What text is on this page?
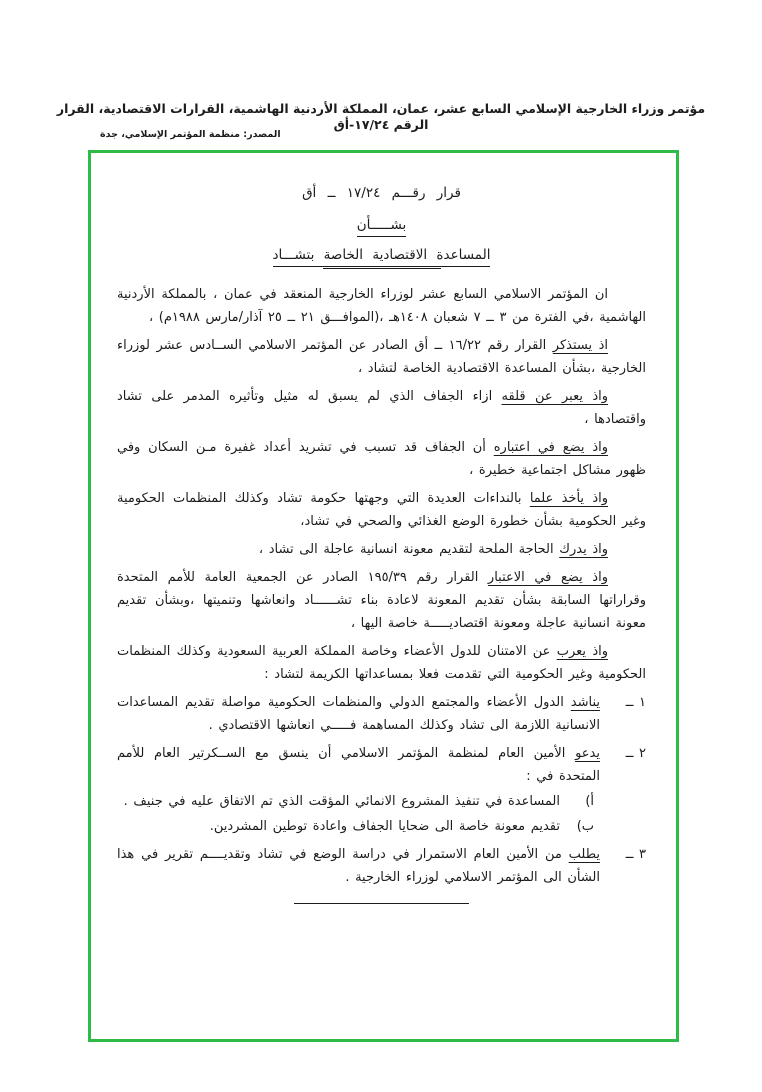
مؤتمر وزراء الخارجية الإسلامي السابع عشر، عمان، المملكة الأردنية الهاشمية، القرارات الاقتصادية، القرار الرقم ١٧/٢٤-أق
المصدر: منظمة المؤتمر الإسلامي، جدة
قرار رقـــم ١٧/٢٤ ــ أق
بشـــــأن
المساعدة الاقتصادية الخاصة بتشـــاد

ان المؤتمر الاسلامي السابع عشر لوزراء الخارجية المنعقد في عمان ، بالمملكة الأردنية الهاشمية ،في الفترة من ٣ ــ ٧ شعبان ١٤٠٨هـ ،(الموافـــق ٢١ ــ ٢٥ آذار/مارس ١٩٨٨م) ،

اذ يستذكر القرار رقم ١٦/٢٢ ــ أق الصادر عن المؤتمر الاسلامي الســادس عشر لوزراء الخارجية ،بشأن المساعدة الاقتصادية الخاصة لتشاد ،

واذ يعبر عن قلقه ازاء الجفاف الذي لم يسبق له مثيل وتأثيره المدمر على تشاد واقتصادها ،

واذ يضع في اعتباره أن الجفاف قد تسبب في تشريد أعداد غفيرة مـن السكان وفي ظهور مشاكل اجتماعية خطيرة ،

واذ يأخذ علما بالنداءات العديدة التي وجهتها حكومة تشاد وكذلك المنظمات الحكومية وغير الحكومية بشأن خطورة الوضع الغذائي والصحي في تشاد،

واذ يدرك الحاجة الملحة لتقديم معونة انسانية عاجلة الى تشاد ،

واذ يضع في الاعتبار القرار رقم ١٩٥/٣٩ الصادر عن الجمعية العامة للأمم المتحدة وقراراتها السابقة بشأن تقديم المعونة لاعادة بناء تشــــــاد وانعاشها وتنميتها ،وبشأن تقديم معونة انسانية عاجلة ومعونة اقتصاديـــــة خاصة اليها ،

واذ يعرب عن الامتنان للدول الأعضاء وخاصة المملكة العربية السعودية وكذلك المنظمات الحكومية وغير الحكومية التي تقدمت فعلا بمساعداتها الكريمة لتشاد :

١ ــ
يناشد الدول الأعضاء والمجتمع الدولي والمنظمات الحكومية مواصلة تقديم المساعدات الانسانية اللازمة الى تشاد وكذلك المساهمة فـــــي انعاشها الاقتصادي .
٢ ــ
يدعو الأمين العام لمنظمة المؤتمر الاسلامي أن ينسق مع الســكرتير العام للأمم المتحدة في :
أ)
المساعدة في تنفيذ المشروع الانمائي المؤقت الذي تم الاتفاق عليه في جنيف .
ب)
تقديم معونة خاصة الى ضحايا الجفاف واعادة توطين المشردين.
٣ ــ
يطلب من الأمين العام الاستمرار في دراسة الوضع في تشاد وتقديــــم تقرير في هذا الشأن الى المؤتمر الاسلامي لوزراء الخارجية .
